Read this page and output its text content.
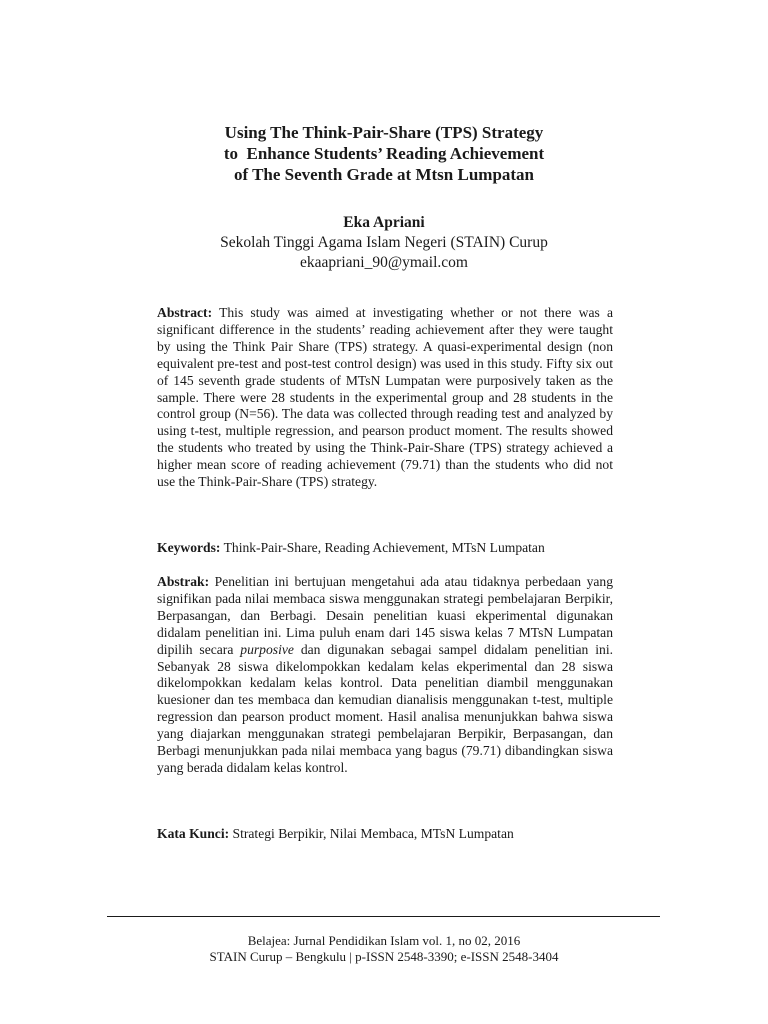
Using The Think-Pair-Share (TPS) Strategy
to  Enhance Students’ Reading Achievement
of The Seventh Grade at Mtsn Lumpatan
Eka Apriani
Sekolah Tinggi Agama Islam Negeri (STAIN) Curup
ekaapriani_90@ymail.com
Abstract: This study was aimed at investigating whether or not there was a significant difference in the students’ reading achievement after they were taught by using the Think Pair Share (TPS) strategy. A quasi-experimental design (non equivalent pre-test and post-test control design) was used in this study. Fifty six out of 145 seventh grade students of MTsN Lumpatan were purposively taken as the sample. There were 28 students in the experimental group and 28 students in the control group (N=56). The data was collected through reading test and analyzed by using t-test, multiple regression, and pearson product moment. The results showed the students who treated by using the Think-Pair-Share (TPS) strategy achieved a higher mean score of reading achievement (79.71) than the students who did not use the Think-Pair-Share (TPS) strategy.
Keywords: Think-Pair-Share, Reading Achievement, MTsN Lumpatan
Abstrak: Penelitian ini bertujuan mengetahui ada atau tidaknya perbedaan yang signifikan pada nilai membaca siswa menggunakan strategi pembelajaran Berpikir, Berpasangan, dan Berbagi. Desain penelitian kuasi ekperimental digunakan didalam penelitian ini. Lima puluh enam dari 145 siswa kelas 7 MTsN Lumpatan dipilih secara purposive dan digunakan sebagai sampel didalam penelitian ini. Sebanyak 28 siswa dikelompokkan kedalam kelas ekperimental dan 28 siswa dikelompokkan kedalam kelas kontrol. Data penelitian diambil menggunakan kuesioner dan tes membaca dan kemudian dianalisis menggunakan t-test, multiple regression dan pearson product moment. Hasil analisa menunjukkan bahwa siswa yang diajarkan menggunakan strategi pembelajaran Berpikir, Berpasangan, dan Berbagi menunjukkan pada nilai membaca yang bagus (79.71) dibandingkan siswa yang berada didalam kelas kontrol.
Kata Kunci: Strategi Berpikir, Nilai Membaca, MTsN Lumpatan
Belajea: Jurnal Pendidikan Islam vol. 1, no 02, 2016
STAIN Curup – Bengkulu | p-ISSN 2548-3390; e-ISSN 2548-3404
